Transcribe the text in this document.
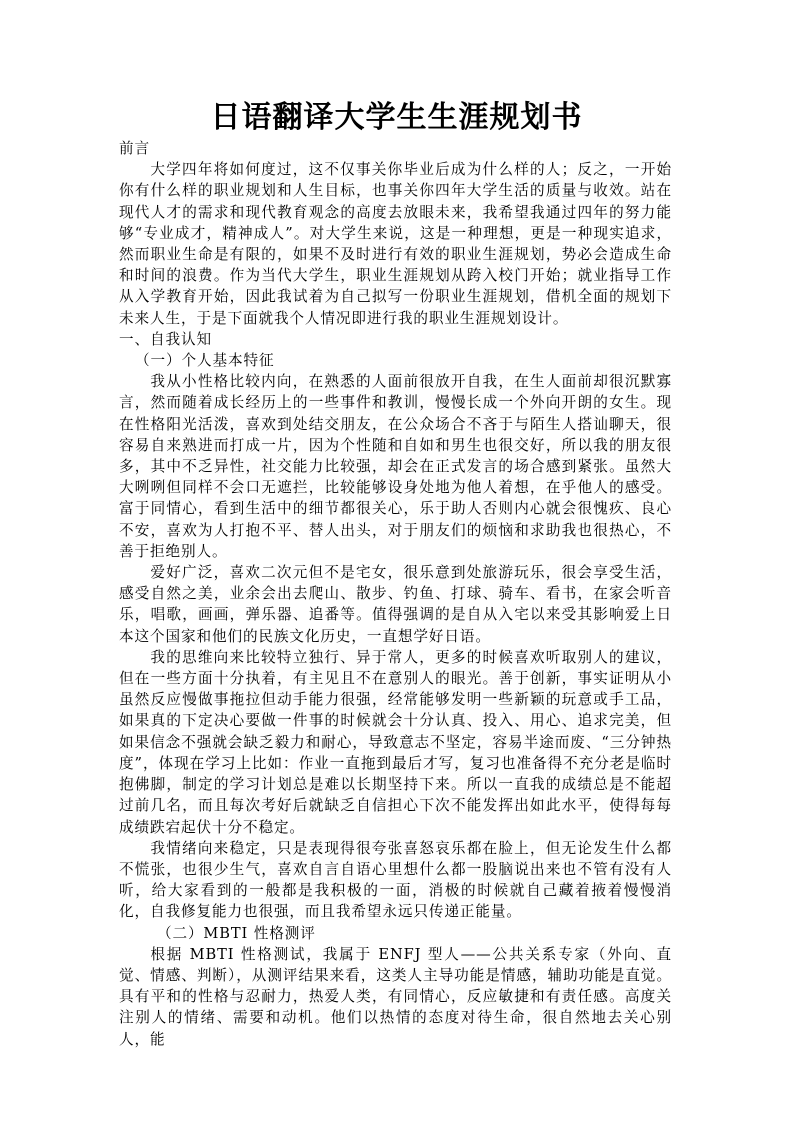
日语翻译大学生生涯规划书

前言

大学四年将如何度过，这不仅事关你毕业后成为什么样的人；反之，一开始你有什么样的职业规划和人生目标，也事关你四年大学生活的质量与收效。站在现代人才的需求和现代教育观念的高度去放眼未来，我希望我通过四年的努力能够“专业成才，精神成人”。对大学生来说，这是一种理想，更是一种现实追求，然而职业生命是有限的，如果不及时进行有效的职业生涯规划，势必会造成生命和时间的浪费。作为当代大学生，职业生涯规划从跨入校门开始；就业指导工作从入学教育开始，因此我试着为自己拟写一份职业生涯规划，借机全面的规划下未来人生，于是下面就我个人情况即进行我的职业生涯规划设计。

一、自我认知

（一）个人基本特征

我从小性格比较内向，在熟悉的人面前很放开自我，在生人面前却很沉默寡言，然而随着成长经历上的一些事件和教训，慢慢长成一个外向开朗的女生。现在性格阳光活泼，喜欢到处结交朋友，在公众场合不吝于与陌生人搭讪聊天，很容易自来熟进而打成一片，因为个性随和自如和男生也很交好，所以我的朋友很多，其中不乏异性，社交能力比较强，却会在正式发言的场合感到紧张。虽然大大咧咧但同样不会口无遮拦，比较能够设身处地为他人着想，在乎他人的感受。富于同情心，看到生活中的细节都很关心，乐于助人否则内心就会很愧疚、良心不安，喜欢为人打抱不平、替人出头，对于朋友们的烦恼和求助我也很热心，不善于拒绝别人。

爱好广泛，喜欢二次元但不是宅女，很乐意到处旅游玩乐，很会享受生活，感受自然之美，业余会出去爬山、散步、钓鱼、打球、骑车、看书，在家会听音乐，唱歌，画画，弹乐器、追番等。值得强调的是自从入宅以来受其影响爱上日本这个国家和他们的民族文化历史，一直想学好日语。

我的思维向来比较特立独行、异于常人，更多的时候喜欢听取别人的建议，但在一些方面十分执着，有主见且不在意别人的眼光。善于创新，事实证明从小虽然反应慢做事拖拉但动手能力很强，经常能够发明一些新颖的玩意或手工品，如果真的下定决心要做一件事的时候就会十分认真、投入、用心、追求完美，但如果信念不强就会缺乏毅力和耐心，导致意志不坚定，容易半途而废、“三分钟热度”，体现在学习上比如：作业一直拖到最后才写，复习也准备得不充分老是临时抱佛脚，制定的学习计划总是难以长期坚持下来。所以一直我的成绩总是不能超过前几名，而且每次考好后就缺乏自信担心下次不能发挥出如此水平，使得每每成绩跌宕起伏十分不稳定。

我情绪向来稳定，只是表现得很夸张喜怒哀乐都在脸上，但无论发生什么都不慌张，也很少生气，喜欢自言自语心里想什么都一股脑说出来也不管有没有人听，给大家看到的一般都是我积极的一面，消极的时候就自己藏着掖着慢慢消化，自我修复能力也很强，而且我希望永远只传递正能量。

（二）MBTI 性格测评

根据 MBTI 性格测试，我属于 ENFJ 型人——公共关系专家（外向、直觉、情感、判断），从测评结果来看，这类人主导功能是情感，辅助功能是直觉。具有平和的性格与忍耐力，热爱人类，有同情心，反应敏捷和有责任感。高度关注别人的情绪、需要和动机。他们以热情的态度对待生命，很自然地去关心别人，能
